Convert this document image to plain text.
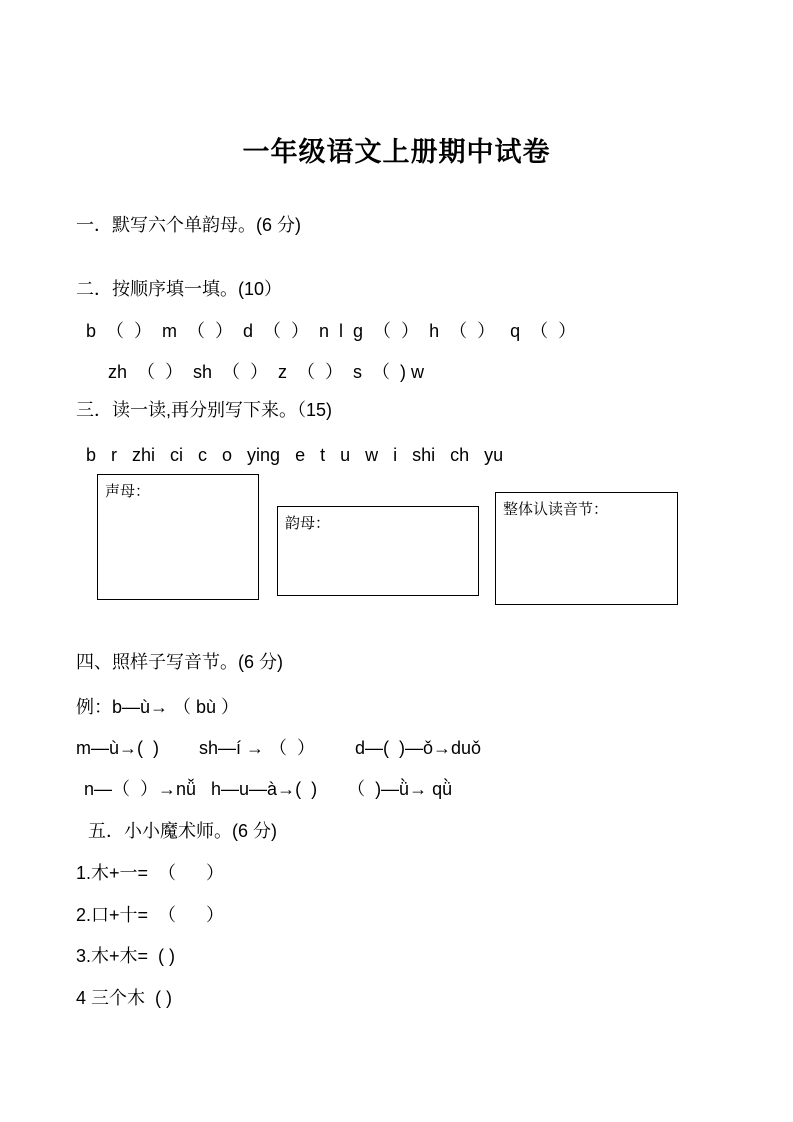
一年级语文上册期中试卷
一．默写六个单韵母。(6 分)
二．按顺序填一填。(10）
b  （  ）  m  （  ）  d  （  ）  n  l  g  （  ）  h  （  ）   q  （  ）
zh  （  ）  sh  （  ）  z  （  ）  s  （  ) w
三．读一读,再分别写下来。（15)
b   r   zhi   ci   c   o   ying   e   t   u   w   i   shi   ch   yu
声母：
韵母：
整体认读音节：
四、照样子写音节。(6 分)
例：b—ù→ （ bù ）
m—ù→(  )        sh—í → （  ）        d—(  )—ǒ→duǒ
n—（  ）→nǚ   h—u—à→(  )      （  )—ǜ→ qǜ
五．小小魔术师。(6 分)
1.木+一=  （      ）
2.口+十=  （      ）
3.木+木=  ( )
4 三个木  ( )
